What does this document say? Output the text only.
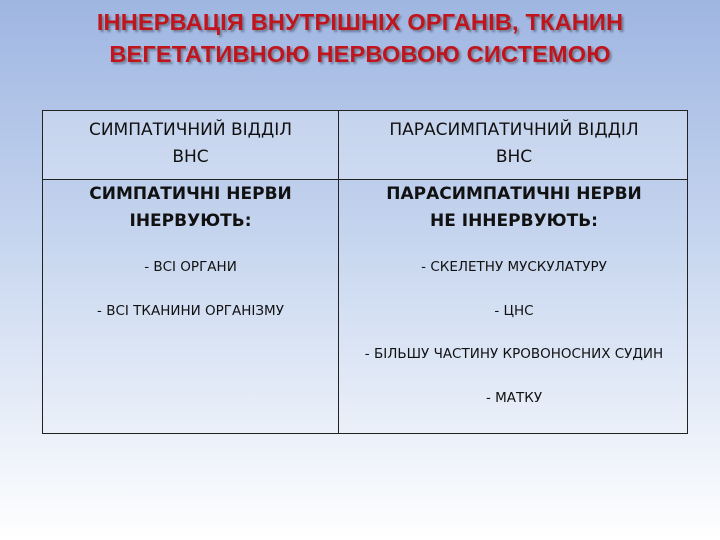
ІННЕРВАЦІЯ ВНУТРІШНІХ ОРГАНІВ, ТКАНИН
ВЕГЕТАТИВНОЮ НЕРВОВОЮ СИСТЕМОЮ
СИМПАТИЧНИЙ ВІДДІЛ
ВНС
ПАРАСИМПАТИЧНИЙ ВІДДІЛ
ВНС
СИМПАТИЧНІ НЕРВИ
ІНЕРВУЮТЬ:
ПАРАСИМПАТИЧНІ НЕРВИ
НЕ ІННЕРВУЮТЬ:
- ВСІ ОРГАНИ
- ВСІ ТКАНИНИ ОРГАНІЗМУ
- СКЕЛЕТНУ МУСКУЛАТУРУ
- ЦНС
- БІЛЬШУ ЧАСТИНУ КРОВОНОСНИХ СУДИН
- МАТКУ
